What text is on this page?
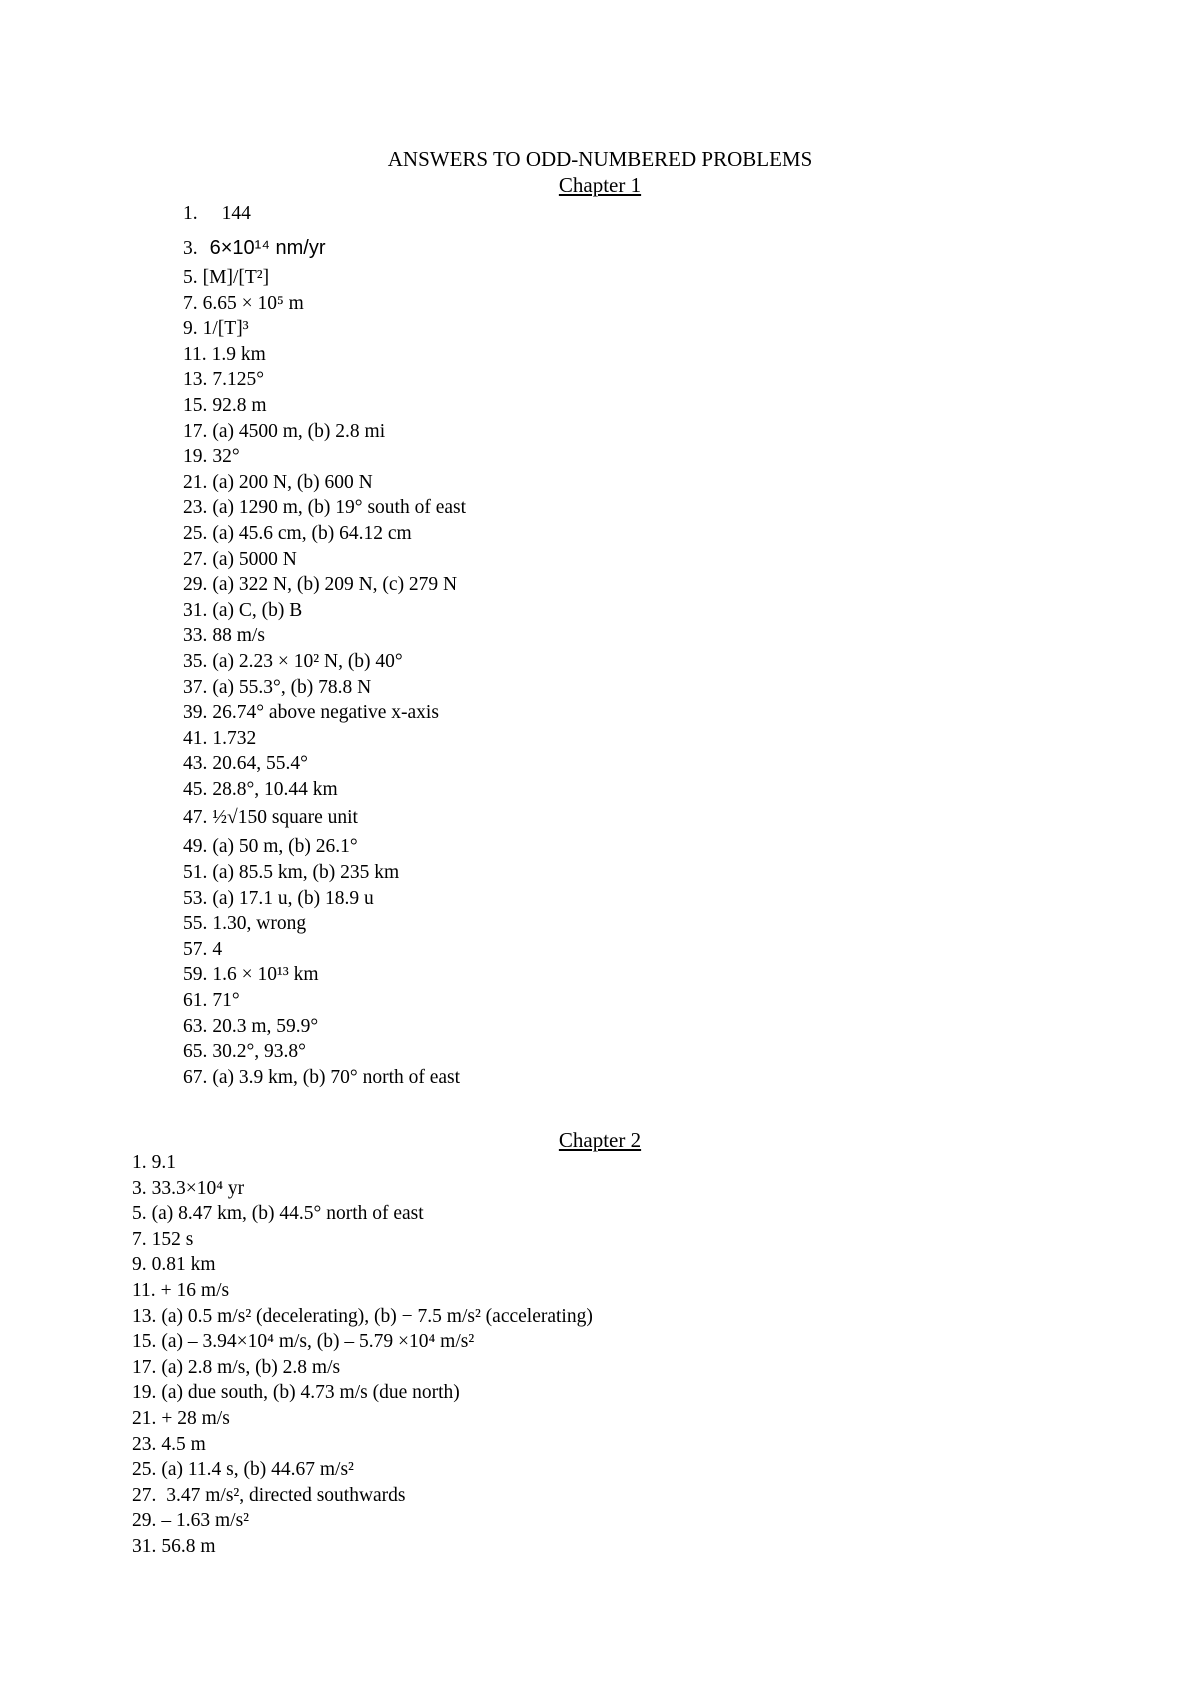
ANSWERS TO ODD-NUMBERED PROBLEMS
Chapter 1
1. 144
3. 6×10¹⁴ nm/yr
5. [M]/[T²]
7. 6.65 × 10⁵ m
9. 1/[T]³
11. 1.9 km
13. 7.125°
15. 92.8 m
17. (a) 4500 m, (b) 2.8 mi
19. 32°
21. (a) 200 N, (b) 600 N
23. (a) 1290 m, (b) 19° south of east
25. (a) 45.6 cm, (b) 64.12 cm
27. (a) 5000 N
29. (a) 322 N, (b) 209 N, (c) 279 N
31. (a) C, (b) B
33. 88 m/s
35. (a) 2.23 × 10² N, (b) 40°
37. (a) 55.3°, (b) 78.8 N
39. 26.74° above negative x-axis
41. 1.732
43. 20.64, 55.4°
45. 28.8°, 10.44 km
47. ½√150 square unit
49. (a) 50 m, (b) 26.1°
51. (a) 85.5 km, (b) 235 km
53. (a) 17.1 u, (b) 18.9 u
55. 1.30, wrong
57. 4
59. 1.6 × 10¹³ km
61. 71°
63. 20.3 m, 59.9°
65. 30.2°, 93.8°
67. (a) 3.9 km, (b) 70° north of east
Chapter 2
1. 9.1
3. 33.3×10⁴ yr
5. (a) 8.47 km, (b) 44.5° north of east
7. 152 s
9. 0.81 km
11. + 16 m/s
13. (a) 0.5 m/s² (decelerating), (b) − 7.5 m/s² (accelerating)
15. (a) – 3.94×10⁴ m/s, (b) – 5.79 ×10⁴ m/s²
17. (a) 2.8 m/s, (b) 2.8 m/s
19. (a) due south, (b) 4.73 m/s (due north)
21. + 28 m/s
23. 4.5 m
25. (a) 11.4 s, (b) 44.67 m/s²
27. 3.47 m/s², directed southwards
29. – 1.63 m/s²
31. 56.8 m
